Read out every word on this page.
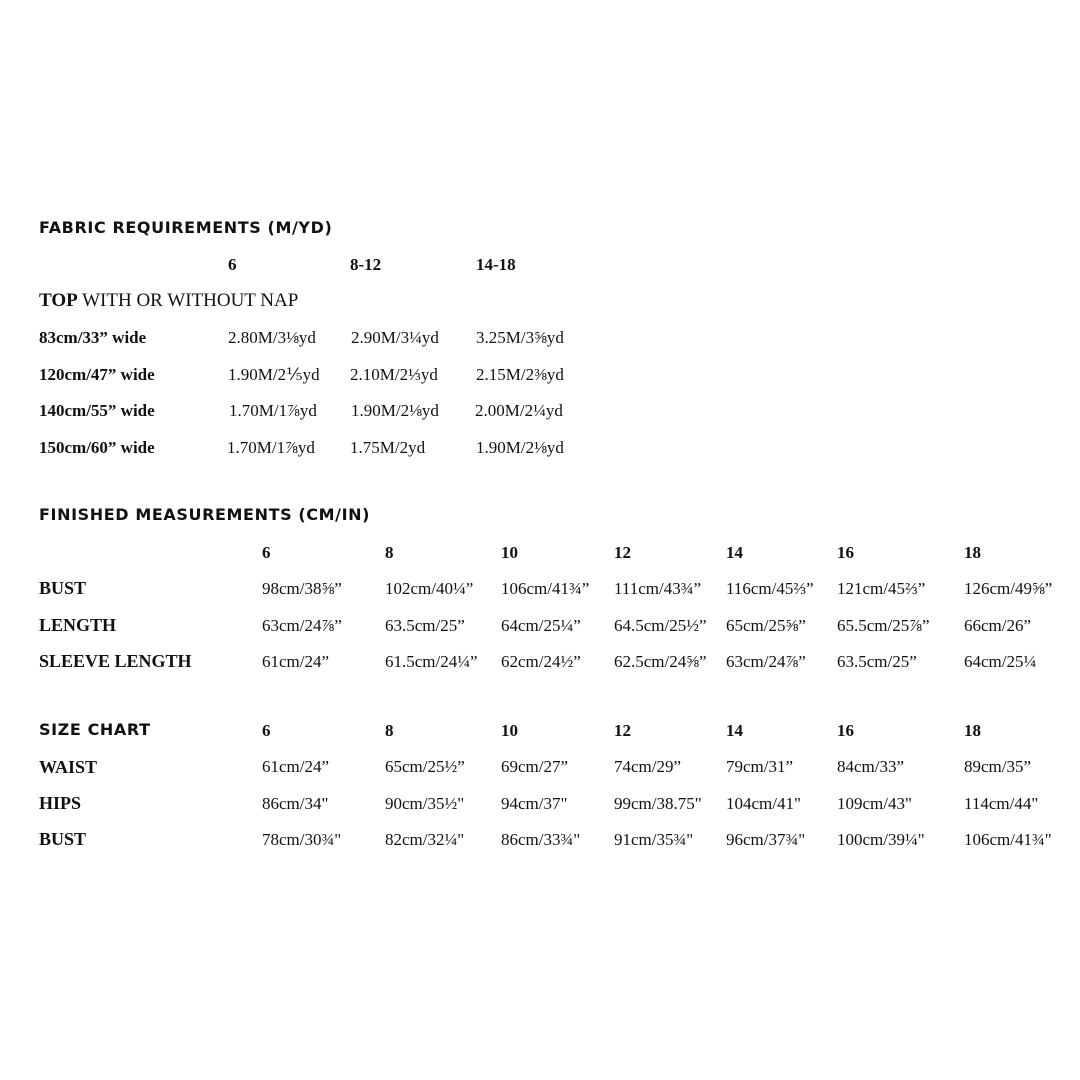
FABRIC REQUIREMENTS (M/YD)
6	8-12	14-18
TOP WITH OR WITHOUT NAP
83cm/33” wide	2.80M/3⅛yd 2.90M/3¼yd 3.25M/3⅝yd
120cm/47” wide	1.90M/2⅕yd 2.10M/2⅓yd 2.15M/2⅜yd
140cm/55” wide	1.70M/1⅞yd 1.90M/2⅛yd 2.00M/2¼yd
150cm/60” wide	1.70M/1⅞yd 1.75M/2yd	1.90M/2⅛yd
FINISHED MEASUREMENTS (CM/IN)
6	8	10	12	14	16	18
BUST	98cm/38⅝”	102cm/40¼” 106cm/41¾” 111cm/43¾” 116cm/45⅔” 121cm/45⅔” 126cm/49⅝”
LENGTH	63cm/24⅞”	63.5cm/25” 64cm/25¼” 64.5cm/25½” 65cm/25⅝” 65.5cm/25⅞” 66cm/26”
SLEEVE LENGTH	61cm/24”	61.5cm/24¼” 62cm/24½” 62.5cm/24⅝” 63cm/24⅞” 63.5cm/25”	64cm/25¼
SIZE CHART	6	8	10	12	14	16	18
WAIST	61cm/24”	65cm/25½” 69cm/27”	74cm/29”	79cm/31”	84cm/33”	89cm/35”
HIPS	86cm/34"	90cm/35½" 94cm/37"	99cm/38.75" 104cm/41" 109cm/43"	114cm/44"
BUST	78cm/30¾"	82cm/32¼" 86cm/33¾" 91cm/35¾" 96cm/37¾" 100cm/39¼" 106cm/41¾"
